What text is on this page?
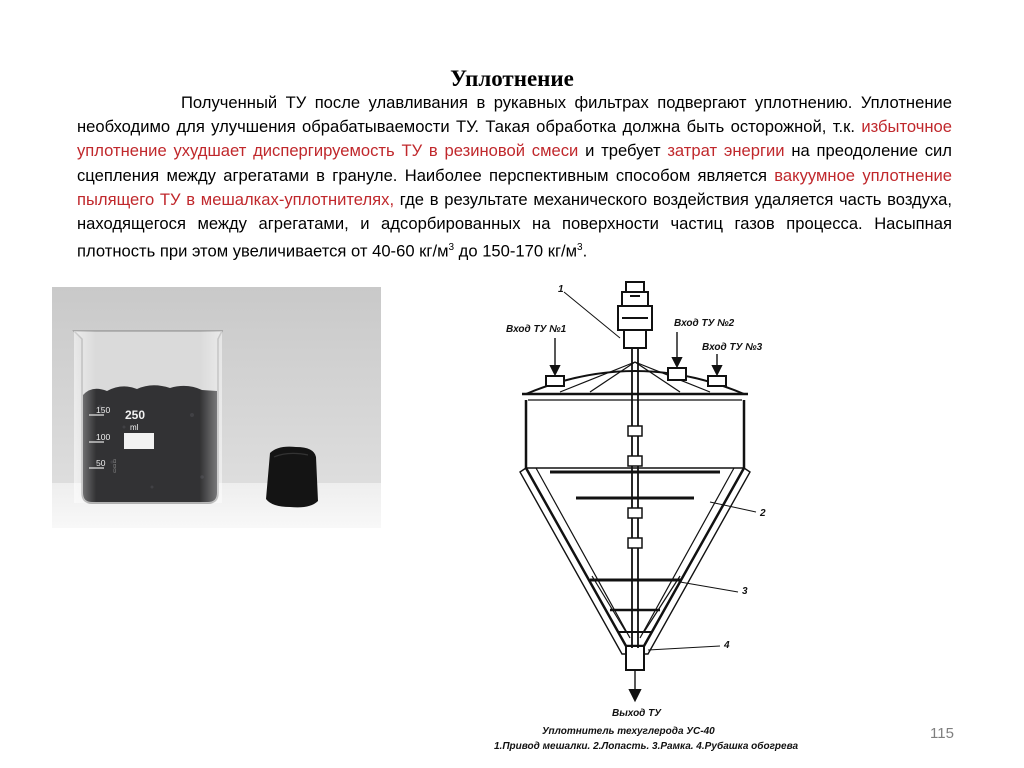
Уплотнение
Полученный ТУ после улавливания в рукавных фильтрах подвергают уплотнению. Уплотнение необходимо для улучшения обрабатываемости ТУ. Такая обработка должна быть осторожной, т.к. избыточное уплотнение ухудшает диспергируемость ТУ в резиновой смеси и требует затрат энергии на преодоление сил сцепления между агрегатами в грануле. Наиболее перспективным способом является вакуумное уплотнение пылящего ТУ в мешалках-уплотнителях, где в результате механического воздействия удаляется часть воздуха, находящегося между агрегатами, и адсорбированных на поверхности частиц газов процесса. Насыпная плотность при этом увеличивается от 40-60 $кг/м^3$ до 150-170 $кг/м^3$.
150
100
50
250
ml
▭▭▭
1
2
3
4
Вход ТУ №1
Вход ТУ №2
Вход ТУ №3
Выход ТУ
Уплотнитель техуглерода УС-40
1.Привод мешалки. 2.Лопасть. 3.Рамка. 4.Рубашка обогрева
115
